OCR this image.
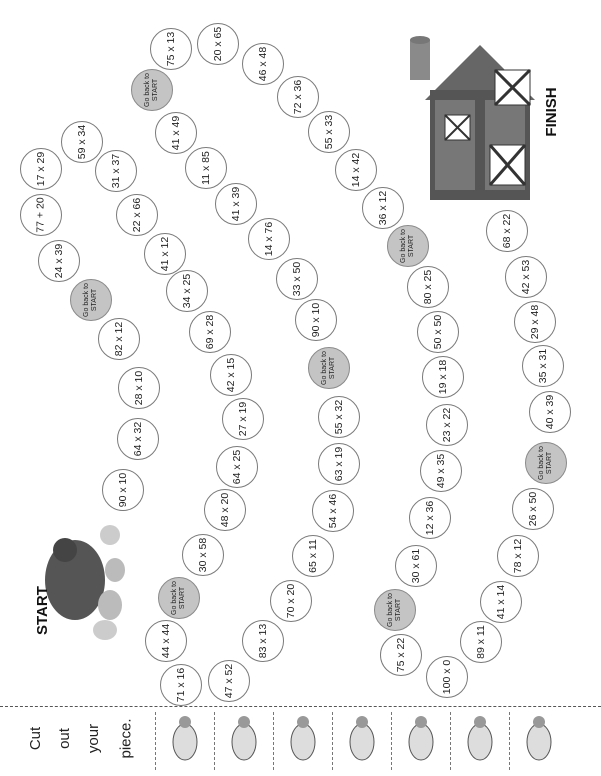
44 x 44
71 x 16	47 x 52
83 x 13
70 x 20
65 x 11
54 x 46
63 x 19
55 x 32
Go back to START
90 x 10
33 x 50
14 x 76
41 x 39
11 x 85
41 x 49
Go back to START
75 x 13	20 x 65
46 x 48
72 x 36
55 x 33
14 x 42
36 x 12
Go back to START
80 x 25
50 x 50
19 x 18
23 x 22
49 x 35
12 x 36
30 x 61
Go back to START
75 x 22
100 x 0
89 x 11
41 x 14
78 x 12
26 x 50
Go back to START
40 x 39
35 x 31
29 x 48
42 x 53
68 x 22
Go back to START
30 x 58
48 x 20
64 x 25
27 x 19
42 x 15
69 x 28
34 x 25
41 x 12
22 x 66
31 x 37
59 x 34
17 x 29
77 + 20
24 x 39
Go back to START
82 x 12
28 x 10
64 x 32
90 x 10
START
FINISH
Cut out your piece.
